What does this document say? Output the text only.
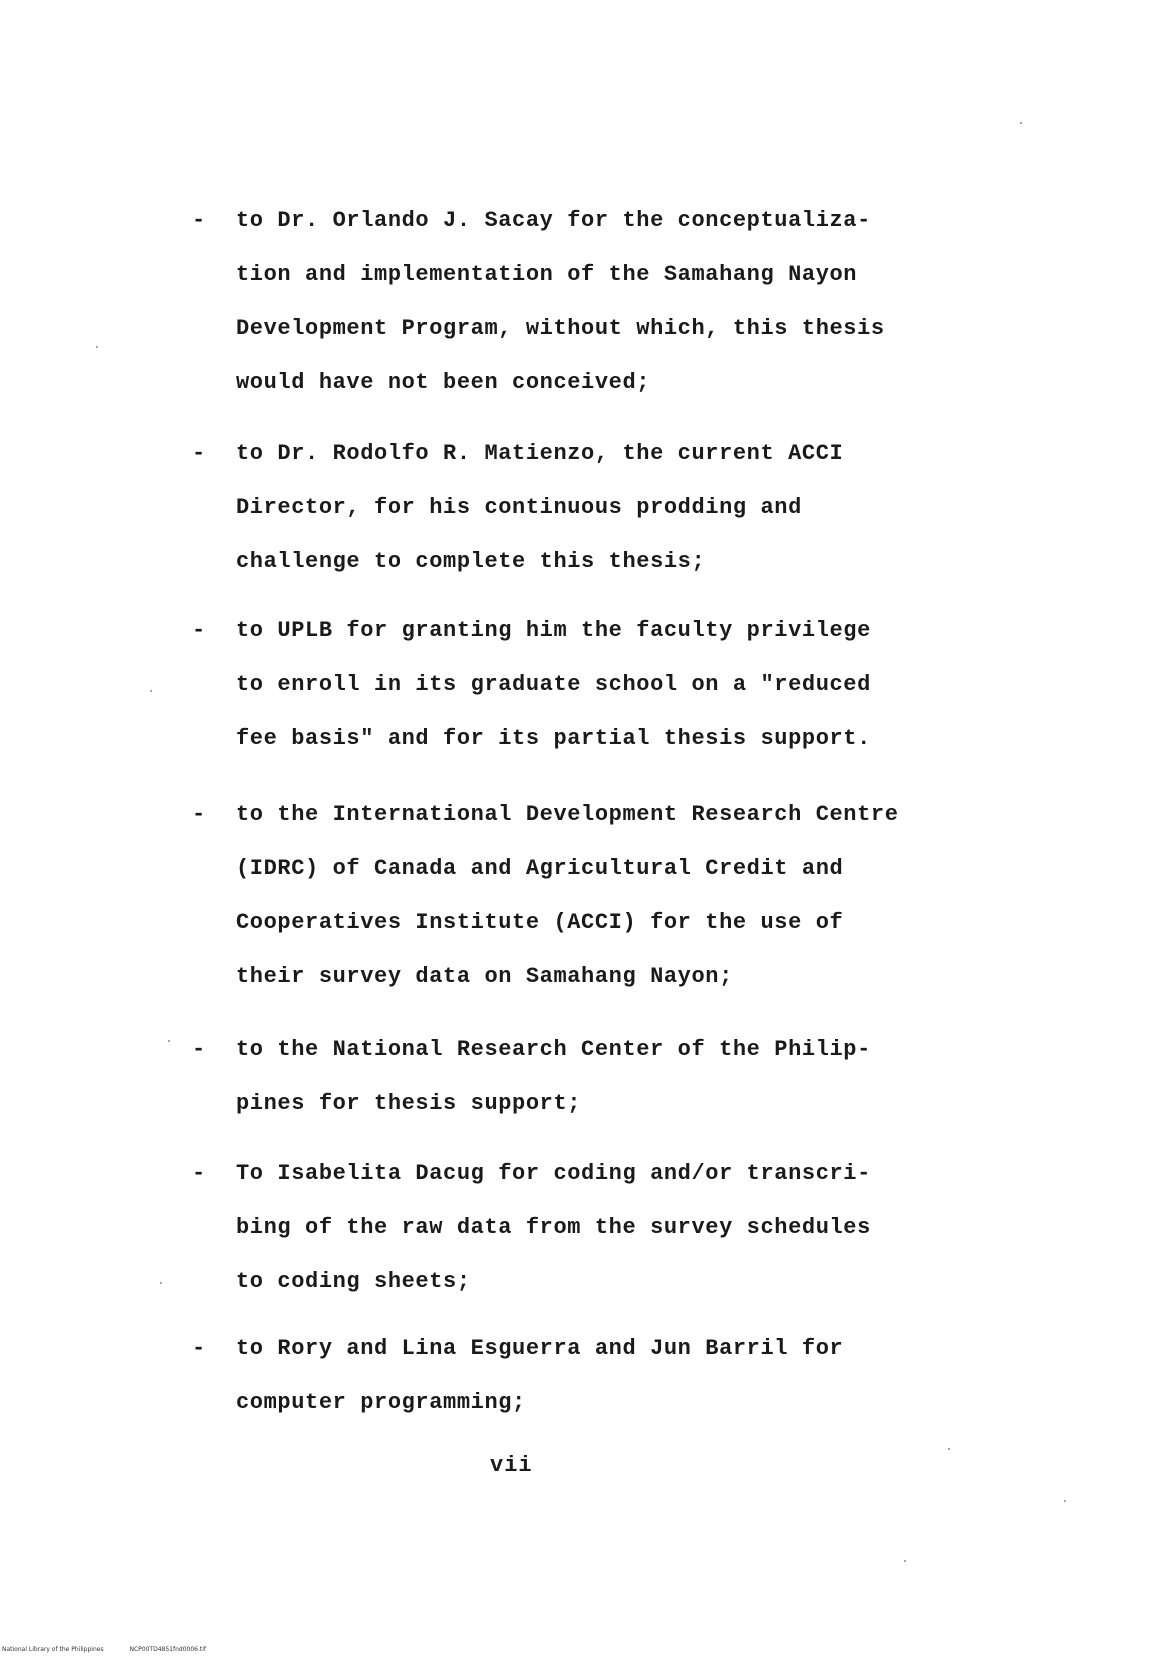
- to Dr. Orlando J. Sacay for the conceptualiza-
tion and implementation of the Samahang Nayon
Development Program, without which, this thesis
would have not been conceived;
- to Dr. Rodolfo R. Matienzo, the current ACCI
Director, for his continuous prodding and
challenge to complete this thesis;
- to UPLB for granting him the faculty privilege
to enroll in its graduate school on a "reduced
fee basis" and for its partial thesis support.
- to the International Development Research Centre
(IDRC) of Canada and Agricultural Credit and
Cooperatives Institute (ACCI) for the use of
their survey data on Samahang Nayon;
- to the National Research Center of the Philip-
pines for thesis support;
- To Isabelita Dacug for coding and/or transcri-
bing of the raw data from the survey schedules
to coding sheets;
- to Rory and Lina Esguerra and Jun Barril for
computer programming;
vii
National Library of the Philippines	NCP00TD4851fnd0006.tif
